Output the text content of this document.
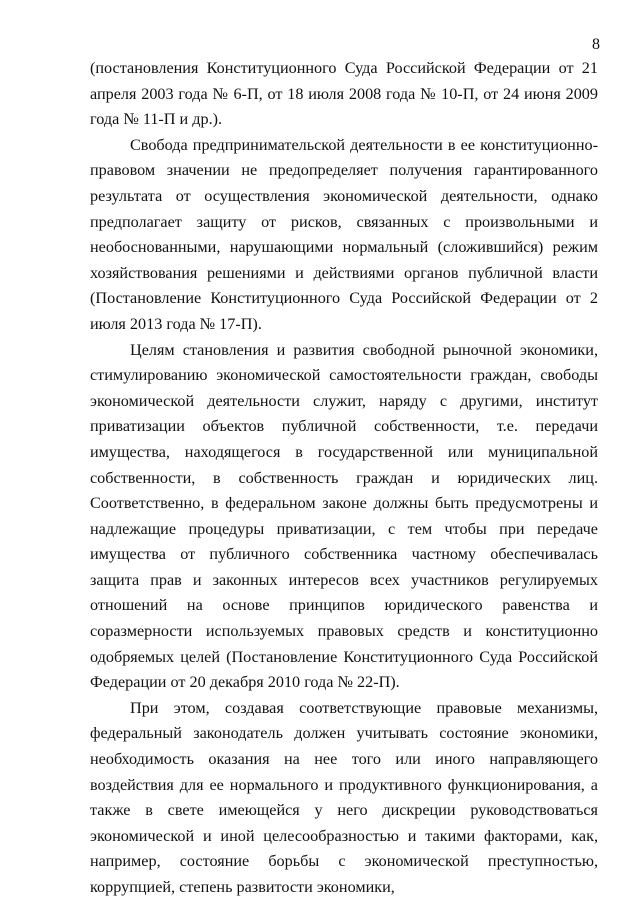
8

(постановления Конституционного Суда Российской Федерации от 21 апреля 2003 года № 6-П, от 18 июля 2008 года № 10-П, от 24 июня 2009 года № 11-П и др.).

Свобода предпринимательской деятельности в ее конституционно-правовом значении не предопределяет получения гарантированного результата от осуществления экономической деятельности, однако предполагает защиту от рисков, связанных с произвольными и необоснованными, нарушающими нормальный (сложившийся) режим хозяйствования решениями и действиями органов публичной власти (Постановление Конституционного Суда Российской Федерации от 2 июля 2013 года № 17-П).

Целям становления и развития свободной рыночной экономики, стимулированию экономической самостоятельности граждан, свободы экономической деятельности служит, наряду с другими, институт приватизации объектов публичной собственности, т.е. передачи имущества, находящегося в государственной или муниципальной собственности, в собственность граждан и юридических лиц. Соответственно, в федеральном законе должны быть предусмотрены и надлежащие процедуры приватизации, с тем чтобы при передаче имущества от публичного собственника частному обеспечивалась защита прав и законных интересов всех участников регулируемых отношений на основе принципов юридического равенства и соразмерности используемых правовых средств и конституционно одобряемых целей (Постановление Конституционного Суда Российской Федерации от 20 декабря 2010 года № 22-П).

При этом, создавая соответствующие правовые механизмы, федеральный законодатель должен учитывать состояние экономики, необходимость оказания на нее того или иного направляющего воздействия для ее нормального и продуктивного функционирования, а также в свете имеющейся у него дискреции руководствоваться экономической и иной целесообразностью и такими факторами, как, например, состояние борьбы с экономической преступностью, коррупцией, степень развитости экономики,
